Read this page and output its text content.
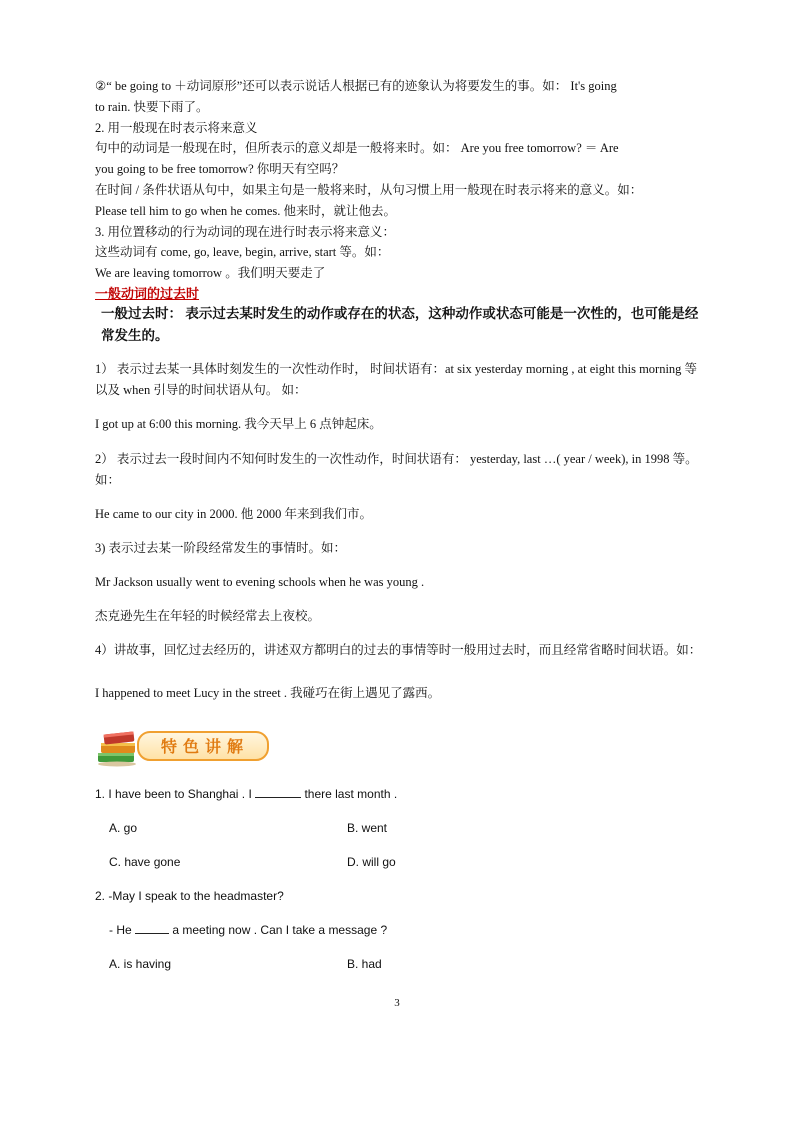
②“ be going to ＋动词原形”还可以表示说话人根据已有的迹象认为将要发生的事。如： It's going
to rain. 快要下雨了。
2. 用一般现在时表示将来意义
句中的动词是一般现在时，但所表示的意义却是一般将来时。如： Are you free tomorrow? ＝ Are
you going to be free tomorrow? 你明天有空吗？
在时间 / 条件状语从句中，如果主句是一般将来时，从句习惯上用一般现在时表示将来的意义。如：
Please tell him to go when he comes. 他来时，就让他去。
3. 用位置移动的行为动词的现在进行时表示将来意义：
这些动词有 come, go, leave, begin, arrive, start 等。如：
We are leaving tomorrow 。我们明天要走了
一般动词的过去时
一般过去时： 表示过去某时发生的动作或存在的状态，这种动作或状态可能是一次性的，也可能是经常发生的。
1） 表示过去某一具体时刻发生的一次性动作时， 时间状语有：at six yesterday morning , at eight this morning 等以及 when 引导的时间状语从句。 如：
I got up at 6:00 this morning. 我今天早上 6 点钟起床。
2） 表示过去一段时间内不知何时发生的一次性动作，时间状语有： yesterday, last …( year / week), in 1998 等。 如：
He came to our city in 2000. 他 2000 年来到我们市。
3) 表示过去某一阶段经常发生的事情时。如：
Mr Jackson usually went to evening schools when he was young .
杰克逊先生在年轻的时候经常去上夜校。
4）讲故事，回忆过去经历的，讲述双方都明白的过去的事情等时一般用过去时，而且经常省略时间状语。如：
I happened to meet Lucy in the street . 我碰巧在街上遇见了露西。
特色讲解
1. I have been to Shanghai . I	there last month .
A. go	B. went
C. have gone	D. will go
2. -May I speak to the headmaster?
- He	a meeting now . Can I take a message ?
A. is having	B. had
3
